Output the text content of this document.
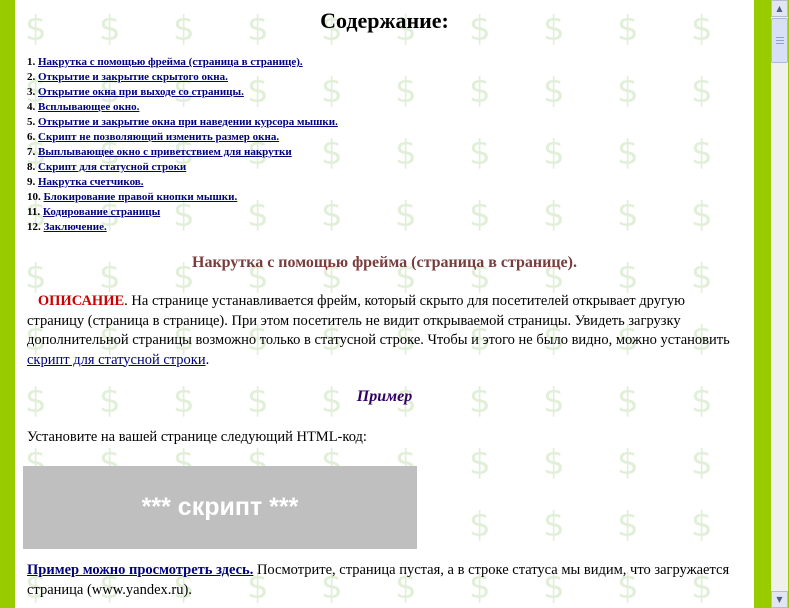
Содержание:
1. Накрутка с помощью фрейма (страница в странице).
2. Открытие и закрытие скрытого окна.
3. Открытие окна при выходе со страницы.
4. Всплывающее окно.
5. Открытие и закрытие окна при наведении курсора мышки.
6. Скрипт не позволяющий изменить размер окна.
7. Выплывающее окно с приветствием для накрутки
8. Скрипт для статусной строки
9. Накрутка счетчиков.
10. Блокирование правой кнопки мышки.
11. Кодирование страницы
12. Заключение.
Накрутка с помощью фрейма (страница в странице).

ОПИСАНИЕ. На странице устанавливается фрейм, который скрыто для посетителей открывает другую страницу (страница в странице). При этом посетитель не видит открываемой страницы. Увидеть загрузку дополнительной страницы возможно только в статусной строке. Чтобы и этого не было видно, можно установить скрипт для статусной строки.

Пример
Установите на вашей странице следующий HTML-код:
*** скрипт ***

Пример можно просмотреть здесь. Посмотрите, страница пустая, а в строке статуса мы видим, что загружается страница (www.yandex.ru).

▲
▼
